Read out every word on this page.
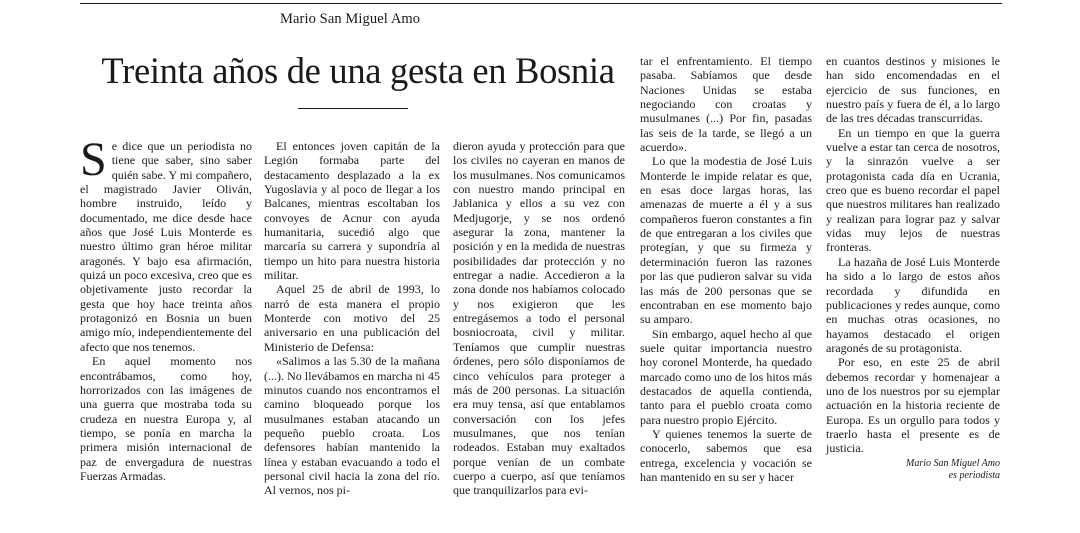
Mario San Miguel Amo
Treinta años de una gesta en Bosnia

Se dice que un periodista no tiene que saber, sino saber quién sabe. Y mi compañero, el magistrado Javier Oliván, hombre instruido, leído y documentado, me dice desde hace años que José Luis Monterde es nuestro último gran héroe militar aragonés. Y bajo esa afirmación, quizá un poco excesiva, creo que es objetivamente justo recordar la gesta que hoy hace treinta años protagonizó en Bosnia un buen amigo mío, independientemente del afecto que nos tenemos.

En aquel momento nos encontrábamos, como hoy, horrorizados con las imágenes de una guerra que mostraba toda su crudeza en nuestra Europa y, al tiempo, se ponía en marcha la primera misión internacional de paz de envergadura de nuestras Fuerzas Armadas.

El entonces joven capitán de la Legión formaba parte del destacamento desplazado a la ex Yugoslavia y al poco de llegar a los Balcanes, mientras escoltaban los convoyes de Acnur con ayuda humanitaria, sucedió algo que marcaría su carrera y supondría al tiempo un hito para nuestra historia militar.

Aquel 25 de abril de 1993, lo narró de esta manera el propio Monterde con motivo del 25 aniversario en una publicación del Ministerio de Defensa:

«Salimos a las 5.30 de la mañana (...). No llevábamos en marcha ni 45 minutos cuando nos encontramos el camino bloqueado porque los musulmanes estaban atacando un pequeño pueblo croata. Los defensores habían mantenido la línea y estaban evacuando a todo el personal civil hacia la zona del río. Al vernos, nos pi-

dieron ayuda y protección para que los civiles no cayeran en manos de los musulmanes. Nos comunicamos con nuestro mando principal en Jablanica y ellos a su vez con Medjugorje, y se nos ordenó asegurar la zona, mantener la posición y en la medida de nuestras posibilidades dar protección y no entregar a nadie. Accedieron a la zona donde nos habíamos colocado y nos exigieron que les entregásemos a todo el personal bosniocroata, civil y militar. Teníamos que cumplir nuestras órdenes, pero sólo disponíamos de cinco vehículos para proteger a más de 200 personas. La situación era muy tensa, así que entablamos conversación con los jefes musulmanes, que nos tenían rodeados. Estaban muy exaltados porque venían de un combate cuerpo a cuerpo, así que teníamos que tranquilizarlos para evi-

tar el enfrentamiento. El tiempo pasaba. Sabíamos que desde Naciones Unidas se estaba negociando con croatas y musulmanes (...) Por fin, pasadas las seis de la tarde, se llegó a un acuerdo».

Lo que la modestia de José Luis Monterde le impide relatar es que, en esas doce largas horas, las amenazas de muerte a él y a sus compañeros fueron constantes a fin de que entregaran a los civiles que protegían, y que su firmeza y determinación fueron las razones por las que pudieron salvar su vida las más de 200 personas que se encontraban en ese momento bajo su amparo.

Sin embargo, aquel hecho al que suele quitar importancia nuestro hoy coronel Monterde, ha quedado marcado como uno de los hitos más destacados de aquella contienda, tanto para el pueblo croata como para nuestro propio Ejército.

Y quienes tenemos la suerte de conocerlo, sabemos que esa entrega, excelencia y vocación se han mantenido en su ser y hacer

en cuantos destinos y misiones le han sido encomendadas en el ejercicio de sus funciones, en nuestro país y fuera de él, a lo largo de las tres décadas transcurridas.

En un tiempo en que la guerra vuelve a estar tan cerca de nosotros, y la sinrazón vuelve a ser protagonista cada día en Ucrania, creo que es bueno recordar el papel que nuestros militares han realizado y realizan para lograr paz y salvar vidas muy lejos de nuestras fronteras.

La hazaña de José Luis Monterde ha sido a lo largo de estos años recordada y difundida en publicaciones y redes aunque, como en muchas otras ocasiones, no hayamos destacado el origen aragonés de su protagonista.

Por eso, en este 25 de abril debemos recordar y homenajear a uno de los nuestros por su ejemplar actuación en la historia reciente de Europa. Es un orgullo para todos y traerlo hasta el presente es de justicia.

Mario San Miguel Amo
es periodista
